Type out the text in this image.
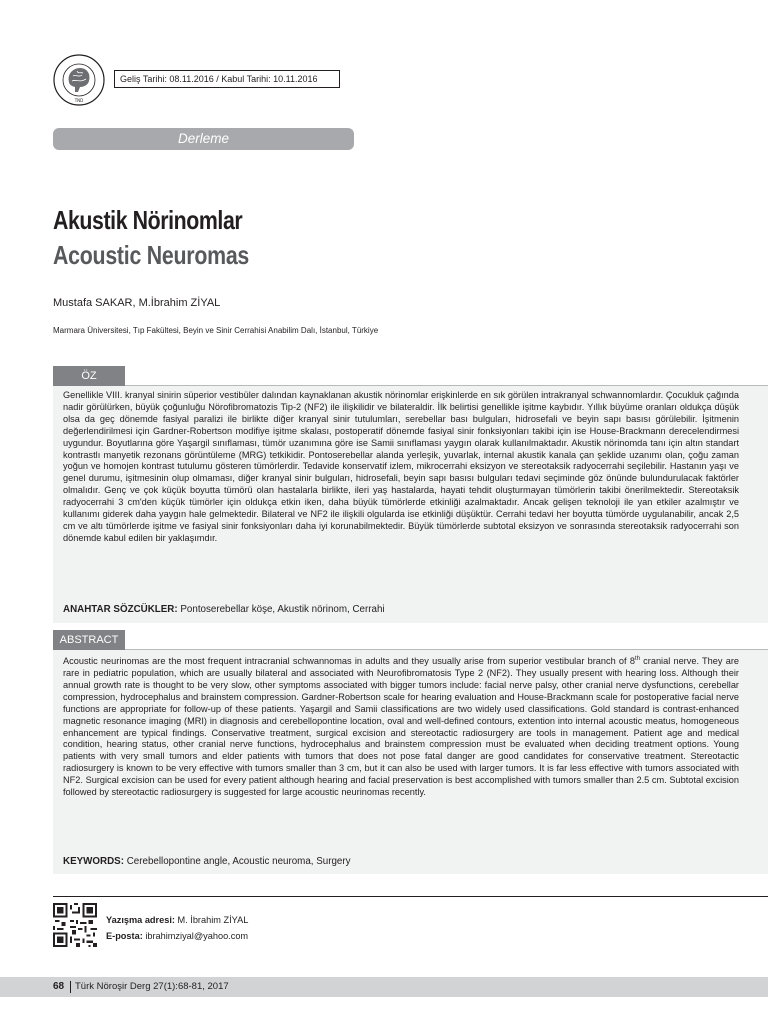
TND
Geliş Tarihi: 08.11.2016 / Kabul Tarihi: 10.11.2016
Derleme
Akustik Nörinomlar
Acoustic Neuromas
Mustafa SAKAR, M.İbrahim ZİYAL
Marmara Üniversitesi, Tıp Fakültesi, Beyin ve Sinir Cerrahisi Anabilim Dalı, İstanbul, Türkiye
ÖZ

Genellikle VIII. kranyal sinirin süperior vestibüler dalından kaynaklanan akustik nörinomlar erişkinlerde en sık görülen intrakranyal schwannomlardır. Çocukluk çağında nadir görülürken, büyük çoğunluğu Nörofibromatozis Tip-2 (NF2) ile ilişkilidir ve bilateraldir. İlk belirtisi genellikle işitme kaybıdır. Yıllık büyüme oranları oldukça düşük olsa da geç dönemde fasiyal paralizi ile birlikte diğer kranyal sinir tutulumları, serebellar bası bulguları, hidrosefali ve beyin sapı basısı görülebilir. İşitmenin değerlendirilmesi için Gardner-Robertson modifiye işitme skalası, postoperatif dönemde fasiyal sinir fonksiyonları takibi için ise House-Brackmann derecelendirmesi uygundur. Boyutlarına göre Yaşargil sınıflaması, tümör uzanımına göre ise Samii sınıflaması yaygın olarak kullanılmaktadır. Akustik nörinomda tanı için altın standart kontrastlı manyetik rezonans görüntüleme (MRG) tetkikidir. Pontoserebellar alanda yerleşik, yuvarlak, internal akustik kanala çan şeklide uzanımı olan, çoğu zaman yoğun ve homojen kontrast tutulumu gösteren tümörlerdir. Tedavide konservatif izlem, mikrocerrahi eksizyon ve stereotaksik radyocerrahi seçilebilir. Hastanın yaşı ve genel durumu, işitmesinin olup olmaması, diğer kranyal sinir bulguları, hidrosefali, beyin sapı basısı bulguları tedavi seçiminde göz önünde bulundurulacak faktörler olmalıdır. Genç ve çok küçük boyutta tümörü olan hastalarla birlikte, ileri yaş hastalarda, hayati tehdit oluşturmayan tümörlerin takibi önerilmektedir. Stereotaksik radyocerrahi 3 cm'den küçük tümörler için oldukça etkin iken, daha büyük tümörlerde etkinliği azalmaktadır. Ancak gelişen teknoloji ile yan etkiler azalmıştır ve kullanımı giderek daha yaygın hale gelmektedir. Bilateral ve NF2 ile ilişkili olgularda ise etkinliği düşüktür. Cerrahi tedavi her boyutta tümörde uygulanabilir, ancak 2,5 cm ve altı tümörlerde işitme ve fasiyal sinir fonksiyonları daha iyi korunabilmektedir. Büyük tümörlerde subtotal eksizyon ve sonrasında stereotaksik radyocerrahi son dönemde kabul edilen bir yaklaşımdır.

ANAHTAR SÖZCÜKLER: Pontoserebellar köşe, Akustik nörinom, Cerrahi
ABSTRACT

Acoustic neurinomas are the most frequent intracranial schwannomas in adults and they usually arise from superior vestibular branch of 8th cranial nerve. They are rare in pediatric population, which are usually bilateral and associated with Neurofibromatosis Type 2 (NF2). They usually present with hearing loss. Although their annual growth rate is thought to be very slow, other symptoms associated with bigger tumors include: facial nerve palsy, other cranial nerve dysfunctions, cerebellar compression, hydrocephalus and brainstem compression. Gardner-Robertson scale for hearing evaluation and House-Brackmann scale for postoperative facial nerve functions are appropriate for follow-up of these patients. Yaşargil and Samii classifications are two widely used classifications. Gold standard is contrast-enhanced magnetic resonance imaging (MRI) in diagnosis and cerebellopontine location, oval and well-defined contours, extention into internal acoustic meatus, homogeneous enhancement are typical findings. Conservative treatment, surgical excision and stereotactic radiosurgery are tools in management. Patient age and medical condition, hearing status, other cranial nerve functions, hydrocephalus and brainstem compression must be evaluated when deciding treatment options. Young patients with very small tumors and elder patients with tumors that does not pose fatal danger are good candidates for conservative treatment. Stereotactic radiosurgery is known to be very effective with tumors smaller than 3 cm, but it can also be used with larger tumors. It is far less effective with tumors associated with NF2. Surgical excision can be used for every patient although hearing and facial preservation is best accomplished with tumors smaller than 2.5 cm. Subtotal excision followed by stereotactic radiosurgery is suggested for large acoustic neurinomas recently.

KEYWORDS: Cerebellopontine angle, Acoustic neuroma, Surgery
Yazışma adresi: M. İbrahim ZİYAL
E-posta: ibrahimziyal@yahoo.com
68 Türk Nöroşir Derg 27(1):68-81, 2017
